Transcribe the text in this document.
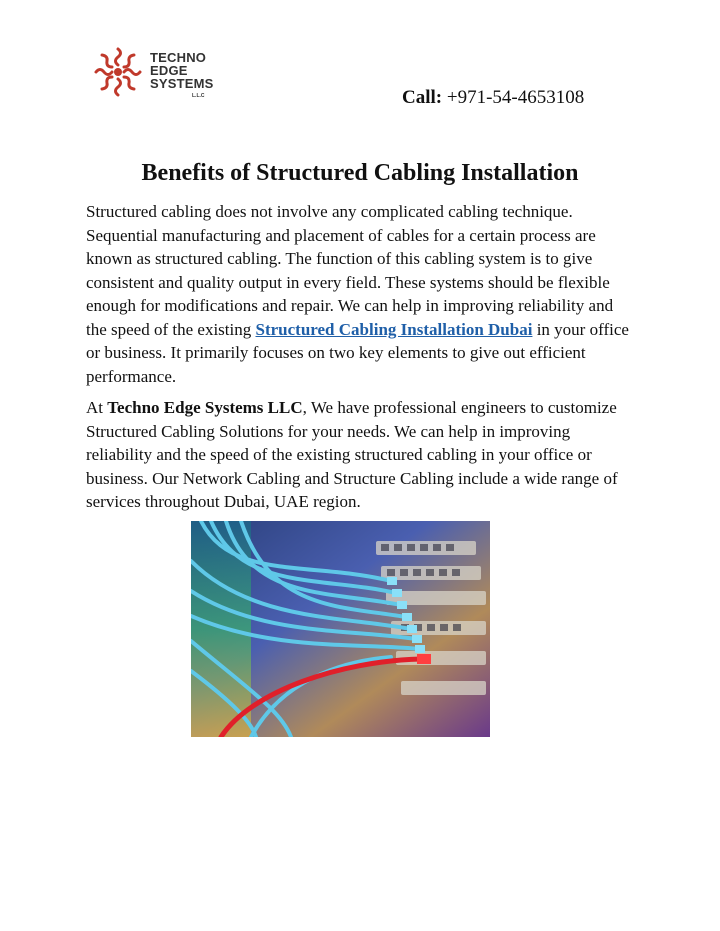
TECHNO
EDGE
SYSTEMS
L.L.C	Call: +971-54-4653108
Benefits of Structured Cabling Installation

Structured cabling does not involve any complicated cabling technique. Sequential manufacturing and placement of cables for a certain process are known as structured cabling. The function of this cabling system is to give consistent and quality output in every field. These systems should be flexible enough for modifications and repair. We can help in improving reliability and the speed of the existing Structured Cabling Installation Dubai in your office or business. It primarily focuses on two key elements to give out efficient performance.

At Techno Edge Systems LLC, We have professional engineers to customize Structured Cabling Solutions for your needs. We can help in improving reliability and the speed of the existing structured cabling in your office or business. Our Network Cabling and Structure Cabling include a wide range of services throughout Dubai, UAE region.
